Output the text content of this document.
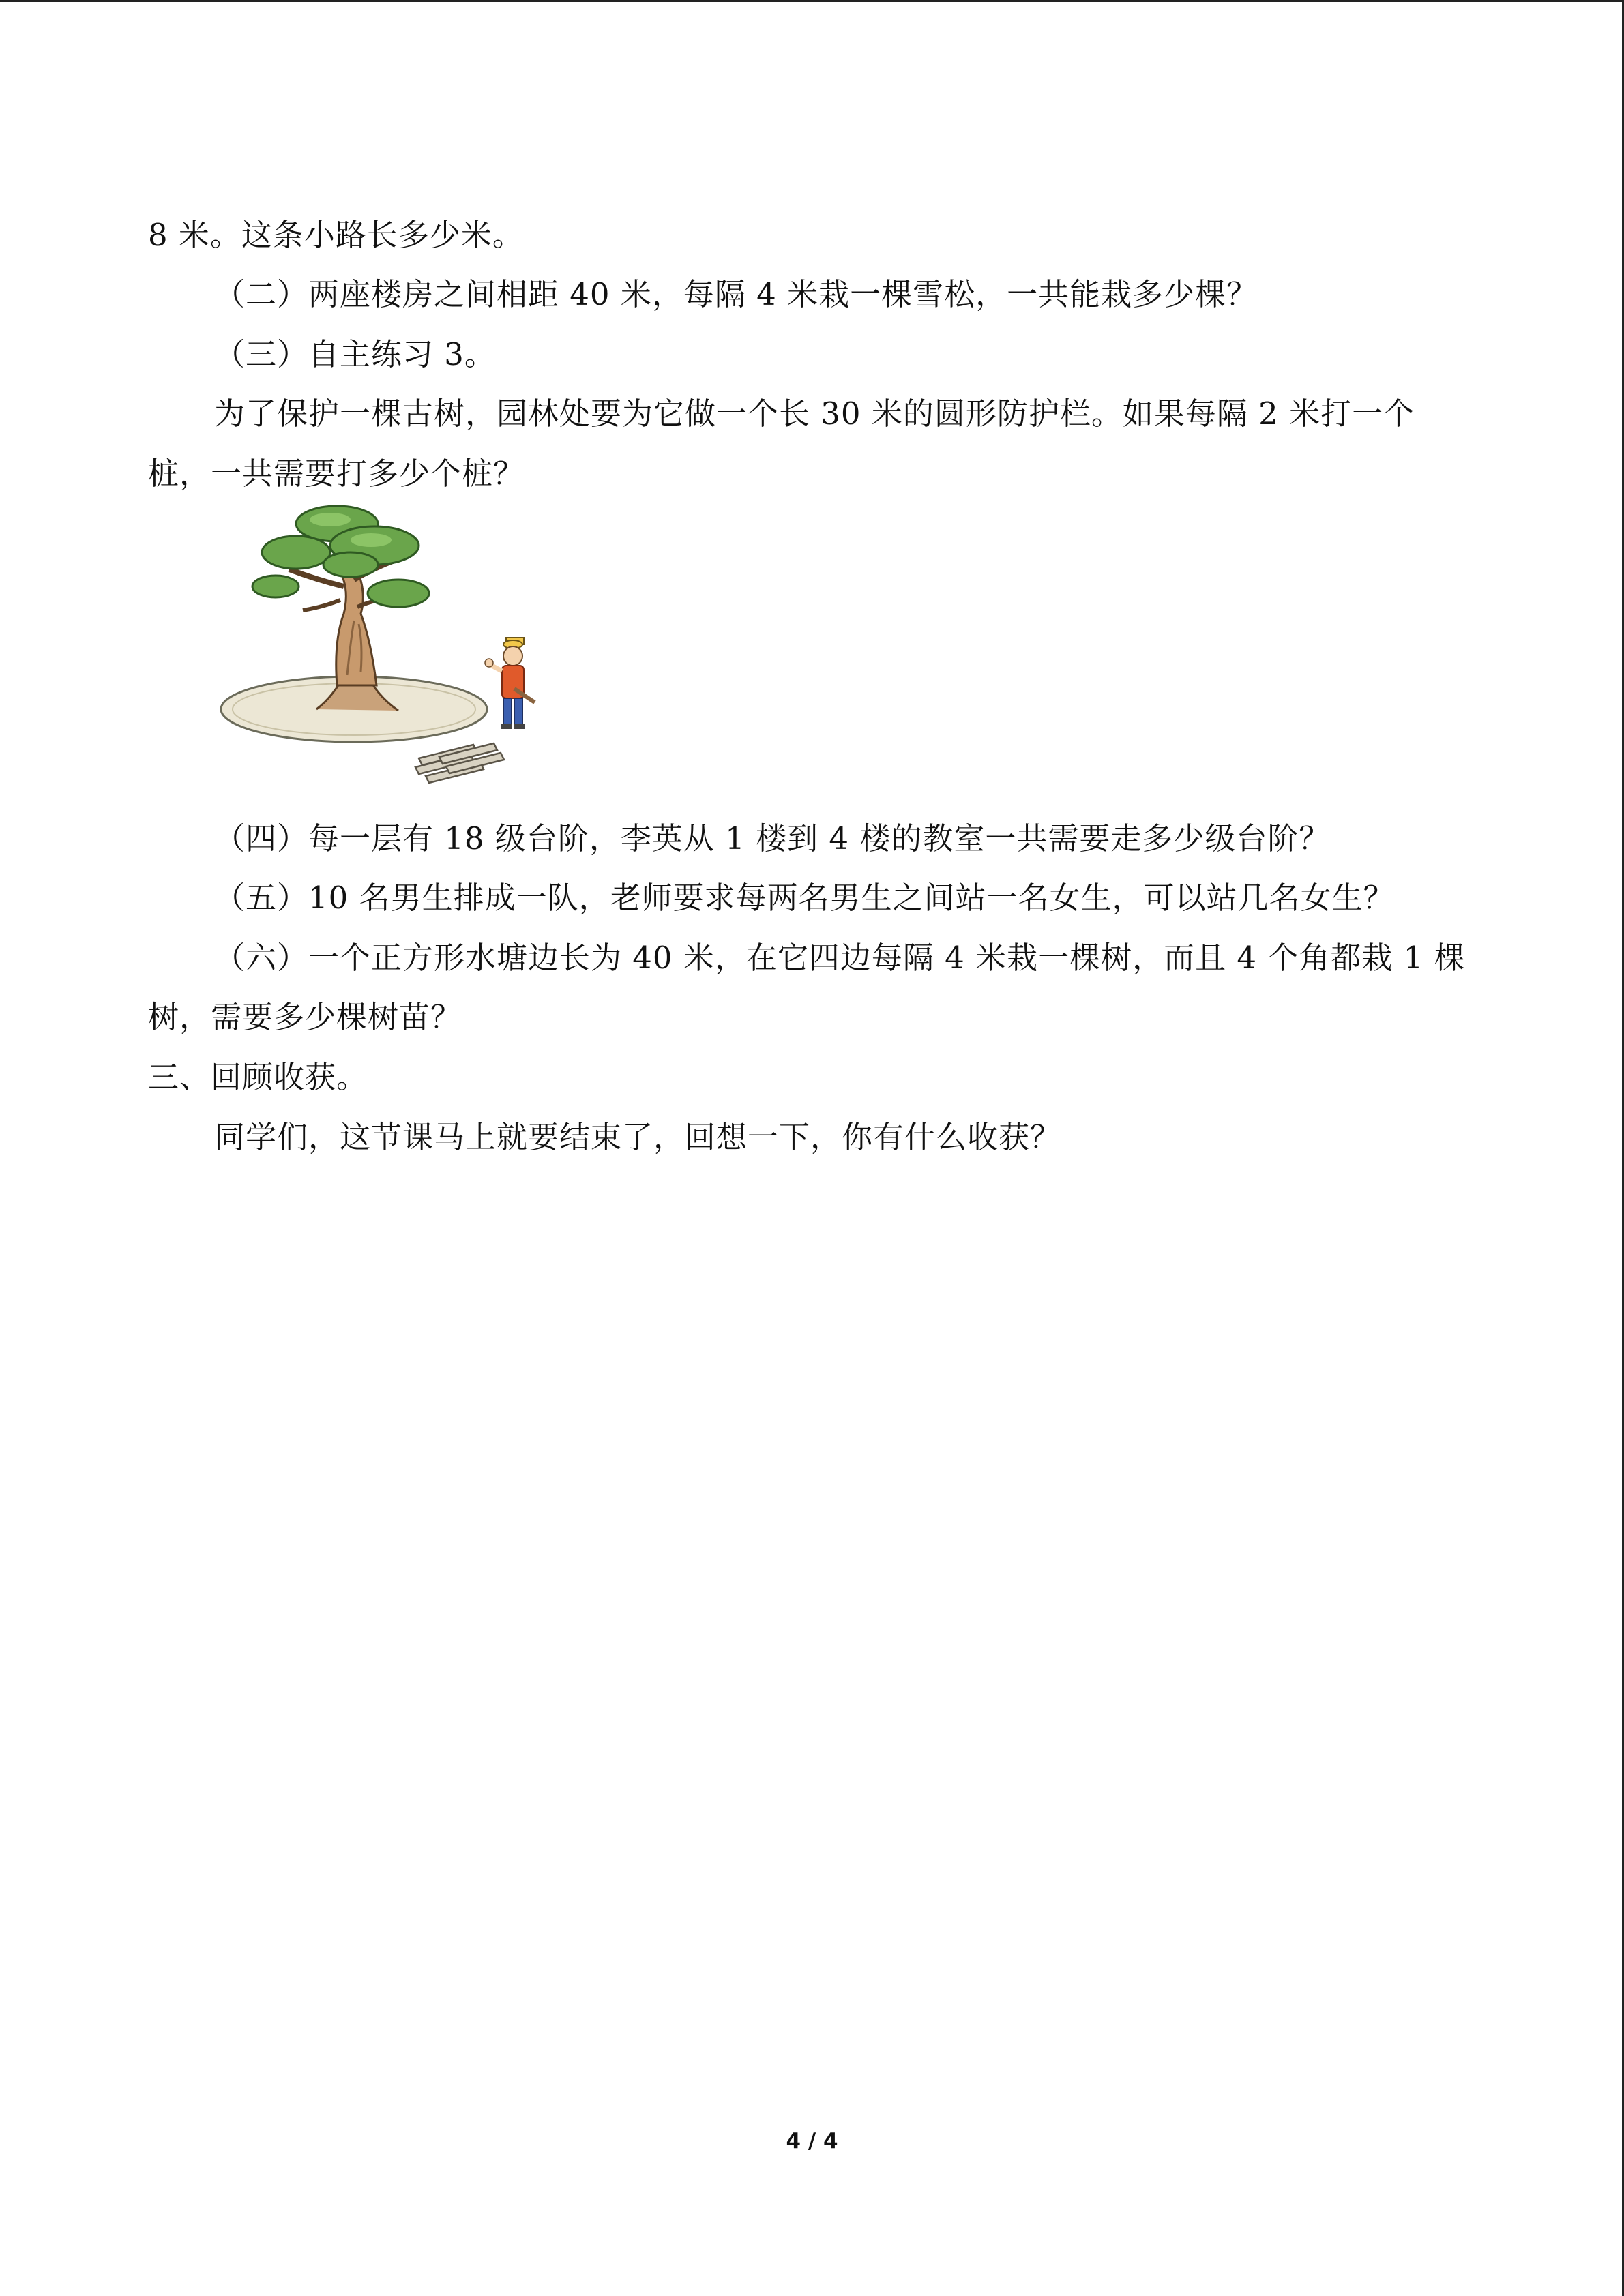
8 米。这条小路长多少米。
（二）两座楼房之间相距 40 米，每隔 4 米栽一棵雪松，一共能栽多少棵？
（三）自主练习 3。
为了保护一棵古树，园林处要为它做一个长 30 米的圆形防护栏。如果每隔 2 米打一个
桩，一共需要打多少个桩？
（四）每一层有 18 级台阶，李英从 1 楼到 4 楼的教室一共需要走多少级台阶？
（五）10 名男生排成一队，老师要求每两名男生之间站一名女生，可以站几名女生？
（六）一个正方形水塘边长为 40 米，在它四边每隔 4 米栽一棵树，而且 4 个角都栽 1 棵
树，需要多少棵树苗？
三、回顾收获。
同学们，这节课马上就要结束了，回想一下，你有什么收获？
4 / 4
